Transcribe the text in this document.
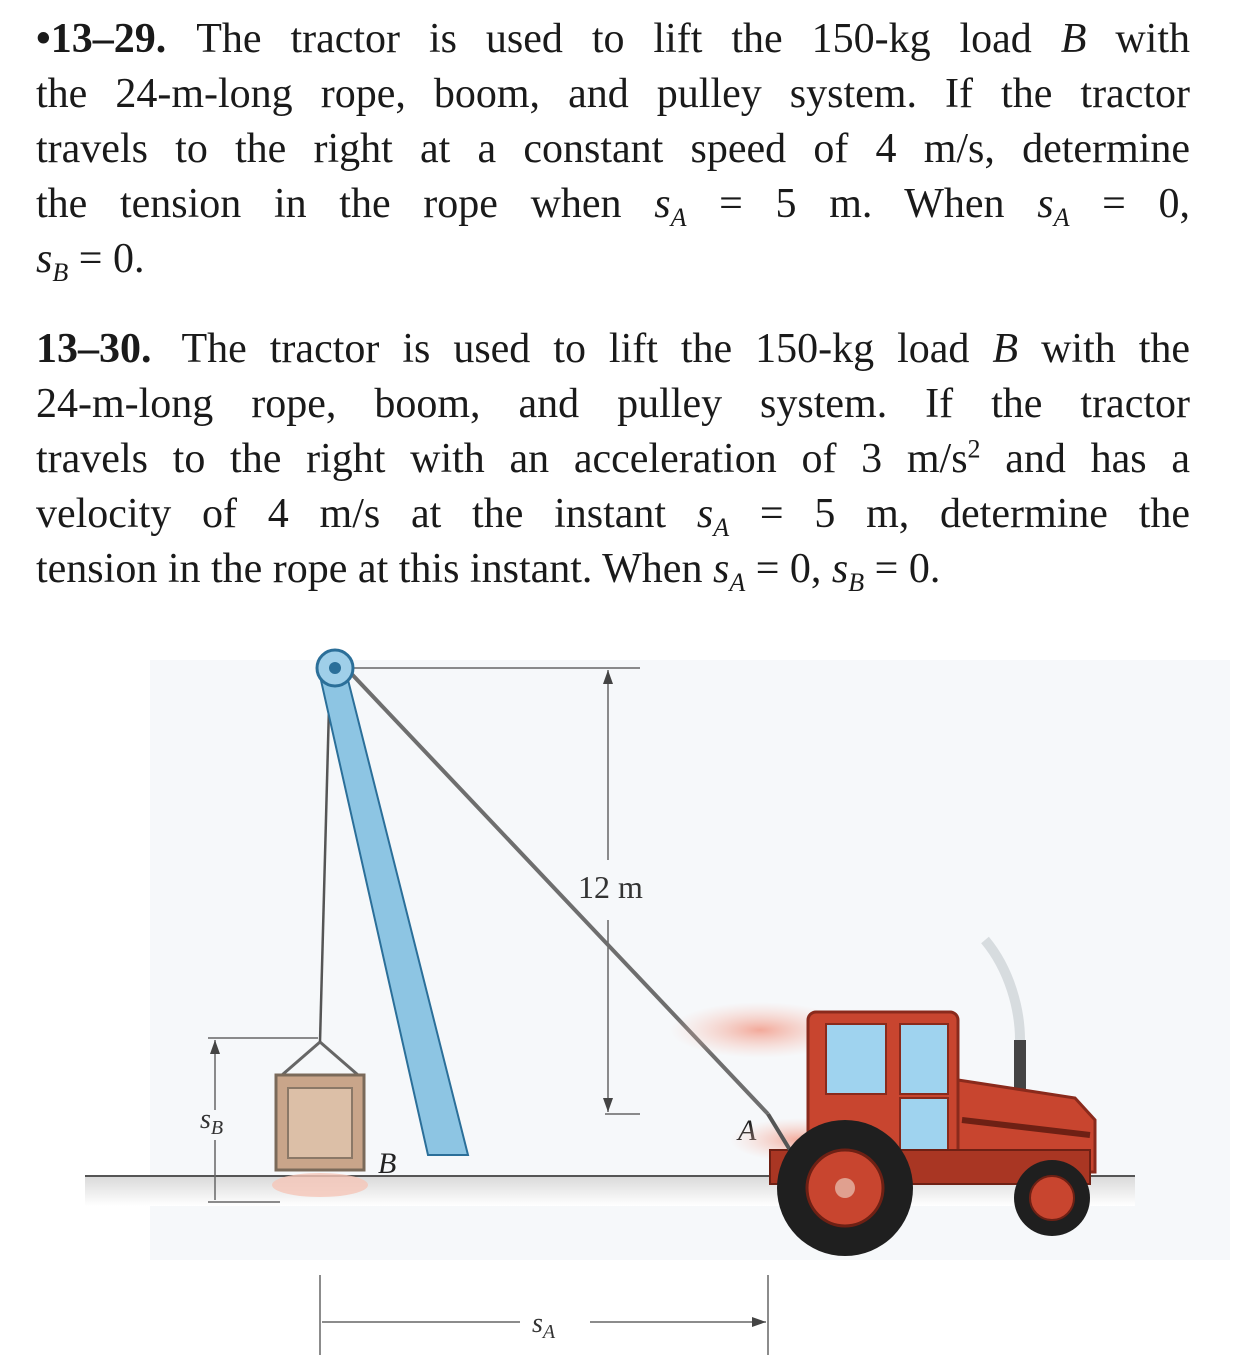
•13–29. The tractor is used to lift the 150-kg load B with
the 24-m-long rope, boom, and pulley system. If the tractor
travels to the right at a constant speed of 4 m/s, determine
the tension in the rope when $s_A = 5$ m. When $s_A = 0$,
$s_B = 0$.
13–30. The tractor is used to lift the 150-kg load B with the
24-m-long rope, boom, and pulley system. If the tractor
travels to the right with an acceleration of 3 $m/s^2$ and has a
velocity of 4 m/s at the instant $s_A = 5$ m, determine the
tension in the rope at this instant. When $s_A = 0$, $s_B = 0$.
12 m
B
$s_B$
$s_A$
